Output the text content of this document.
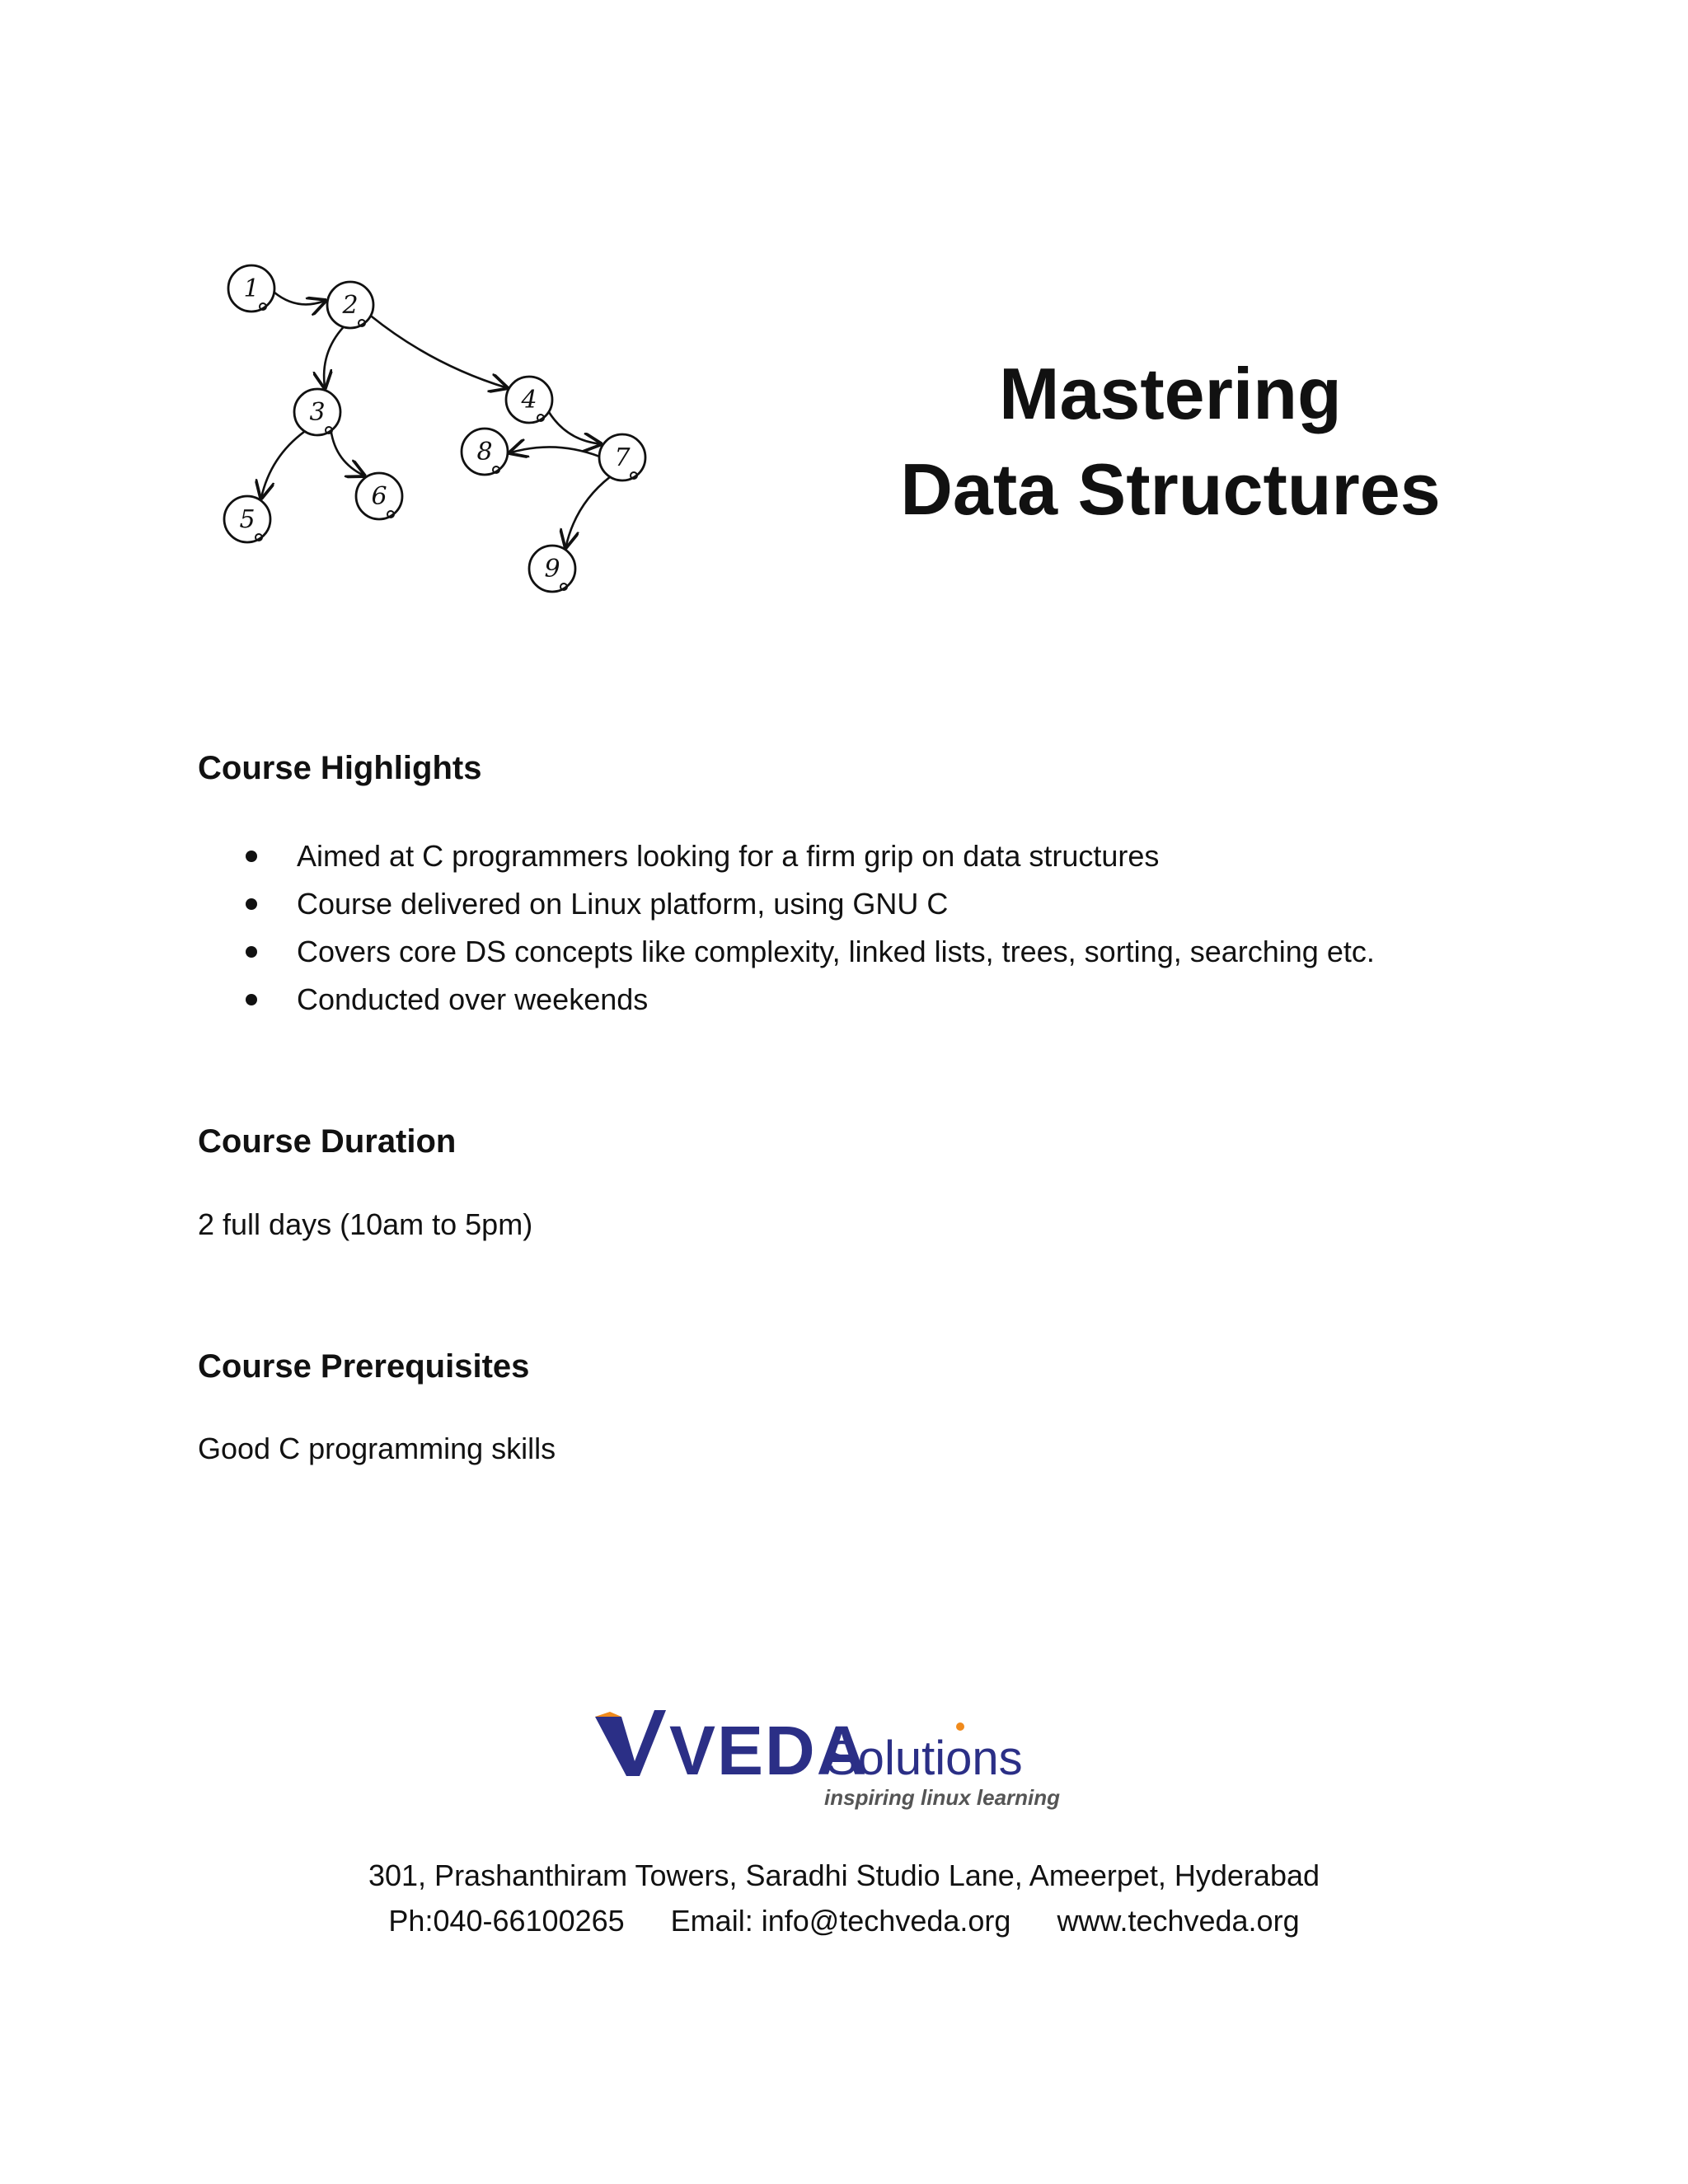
1
2
3	4
5
6
7
8
9
Mastering
Data Structures
Course Highlights
Aimed at C programmers looking for a firm grip on data structures
Course delivered on Linux platform, using GNU C
Covers core DS concepts like complexity, linked lists, trees, sorting, searching etc.
Conducted over weekends
Course Duration

2 full days (10am to 5pm)

Course Prerequisites

Good C programming skills

VEDA
Solutions
inspiring linux learning

301, Prashanthiram Towers, Saradhi Studio Lane, Ameerpet, Hyderabad

Ph:040-66100265 Email: info@techveda.org www.techveda.org
